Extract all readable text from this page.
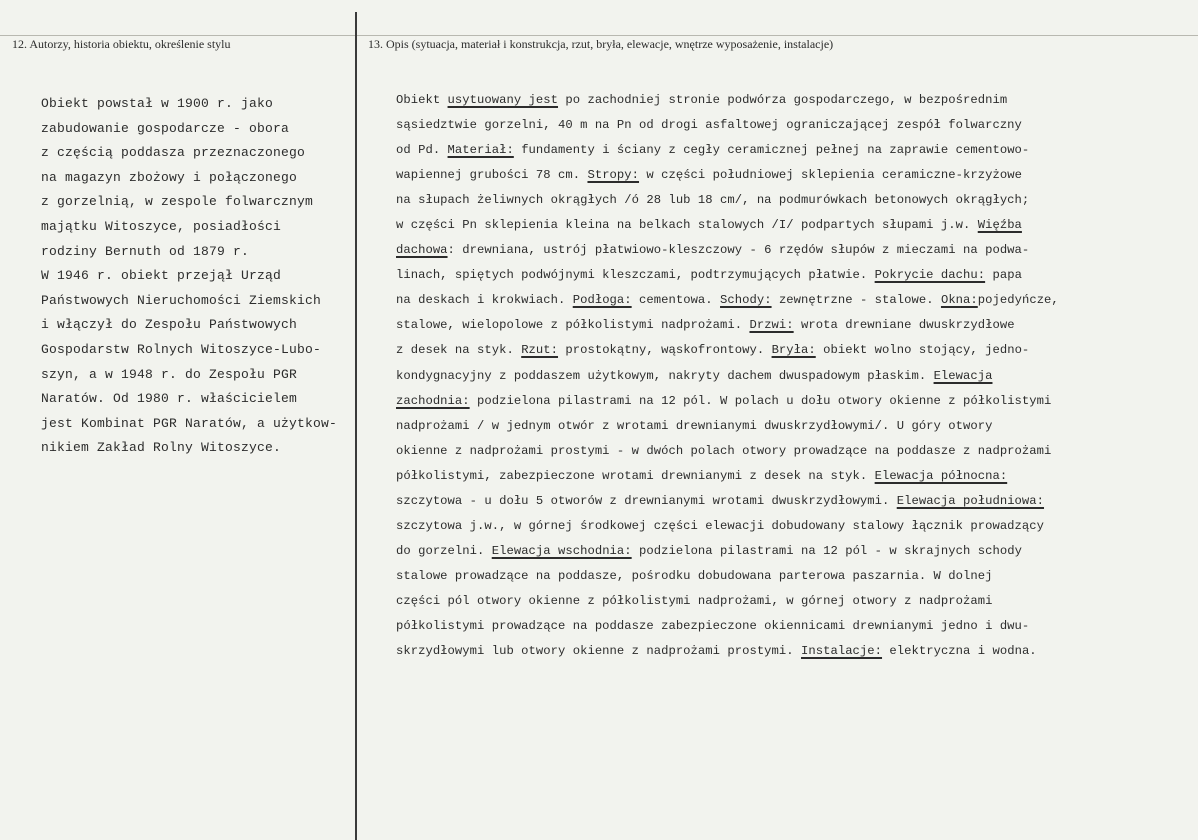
12. Autorzy, historia obiektu, określenie stylu	13. Opis (sytuacja, materiał i konstrukcja, rzut, bryła, elewacje, wnętrze wyposażenie, instalacje)
Obiekt powstał w 1900 r. jako
zabudowanie gospodarcze - obora
z częścią poddasza przeznaczonego
na magazyn zbożowy i połączonego
z gorzelnią, w zespole folwarcznym
majątku Witoszyce, posiadłości
rodziny Bernuth od 1879 r.
W 1946 r. obiekt przejął Urząd
Państwowych Nieruchomości Ziemskich
i włączył do Zespołu Państwowych
Gospodarstw Rolnych Witoszyce-Lubo-
szyn, a w 1948 r. do Zespołu PGR
Naratów. Od 1980 r. właścicielem
jest Kombinat PGR Naratów, a użytkow-
nikiem Zakład Rolny Witoszyce.
Obiekt usytuowany jest po zachodniej stronie podwórza gospodarczego, w bezpośrednim
sąsiedztwie gorzelni, 40 m na Pn od drogi asfaltowej ograniczającej zespół folwarczny
od Pd. Materiał: fundamenty i ściany z cegły ceramicznej pełnej na zaprawie cementowo-
wapiennej grubości 78 cm. Stropy: w części południowej sklepienia ceramiczne-krzyżowe
na słupach żeliwnych okrągłych /ó 28 lub 18 cm/, na podmurówkach betonowych okrągłych;
w części Pn sklepienia kleina na belkach stalowych /I/ podpartych słupami j.w. Więźba
dachowa: drewniana, ustrój płatwiowo-kleszczowy - 6 rzędów słupów z mieczami na podwa-
linach, spiętych podwójnymi kleszczami, podtrzymujących płatwie. Pokrycie dachu: papa
na deskach i krokwiach. Podłoga: cementowa. Schody: zewnętrzne - stalowe. Okna:pojedyńcze,
stalowe, wielopolowe z półkolistymi nadprożami. Drzwi: wrota drewniane dwuskrzydłowe
z desek na styk. Rzut: prostokątny, wąskofrontowy. Bryła: obiekt wolno stojący, jedno-
kondygnacyjny z poddaszem użytkowym, nakryty dachem dwuspadowym płaskim. Elewacja
zachodnia: podzielona pilastrami na 12 pól. W polach u dołu otwory okienne z półkolistymi
nadprożami / w jednym otwór z wrotami drewnianymi dwuskrzydłowymi/. U góry otwory
okienne z nadprożami prostymi - w dwóch polach otwory prowadzące na poddasze z nadprożami
półkolistymi, zabezpieczone wrotami drewnianymi z desek na styk. Elewacja północna:
szczytowa - u dołu 5 otworów z drewnianymi wrotami dwuskrzydłowymi. Elewacja południowa:
szczytowa j.w., w górnej środkowej części elewacji dobudowany stalowy łącznik prowadzący
do gorzelni. Elewacja wschodnia: podzielona pilastrami na 12 pól - w skrajnych schody
stalowe prowadzące na poddasze, pośrodku dobudowana parterowa paszarnia. W dolnej
części pól otwory okienne z półkolistymi nadprożami, w górnej otwory z nadprożami
półkolistymi prowadzące na poddasze zabezpieczone okiennicami drewnianymi jedno i dwu-
skrzydłowymi lub otwory okienne z nadprożami prostymi. Instalacje: elektryczna i wodna.
